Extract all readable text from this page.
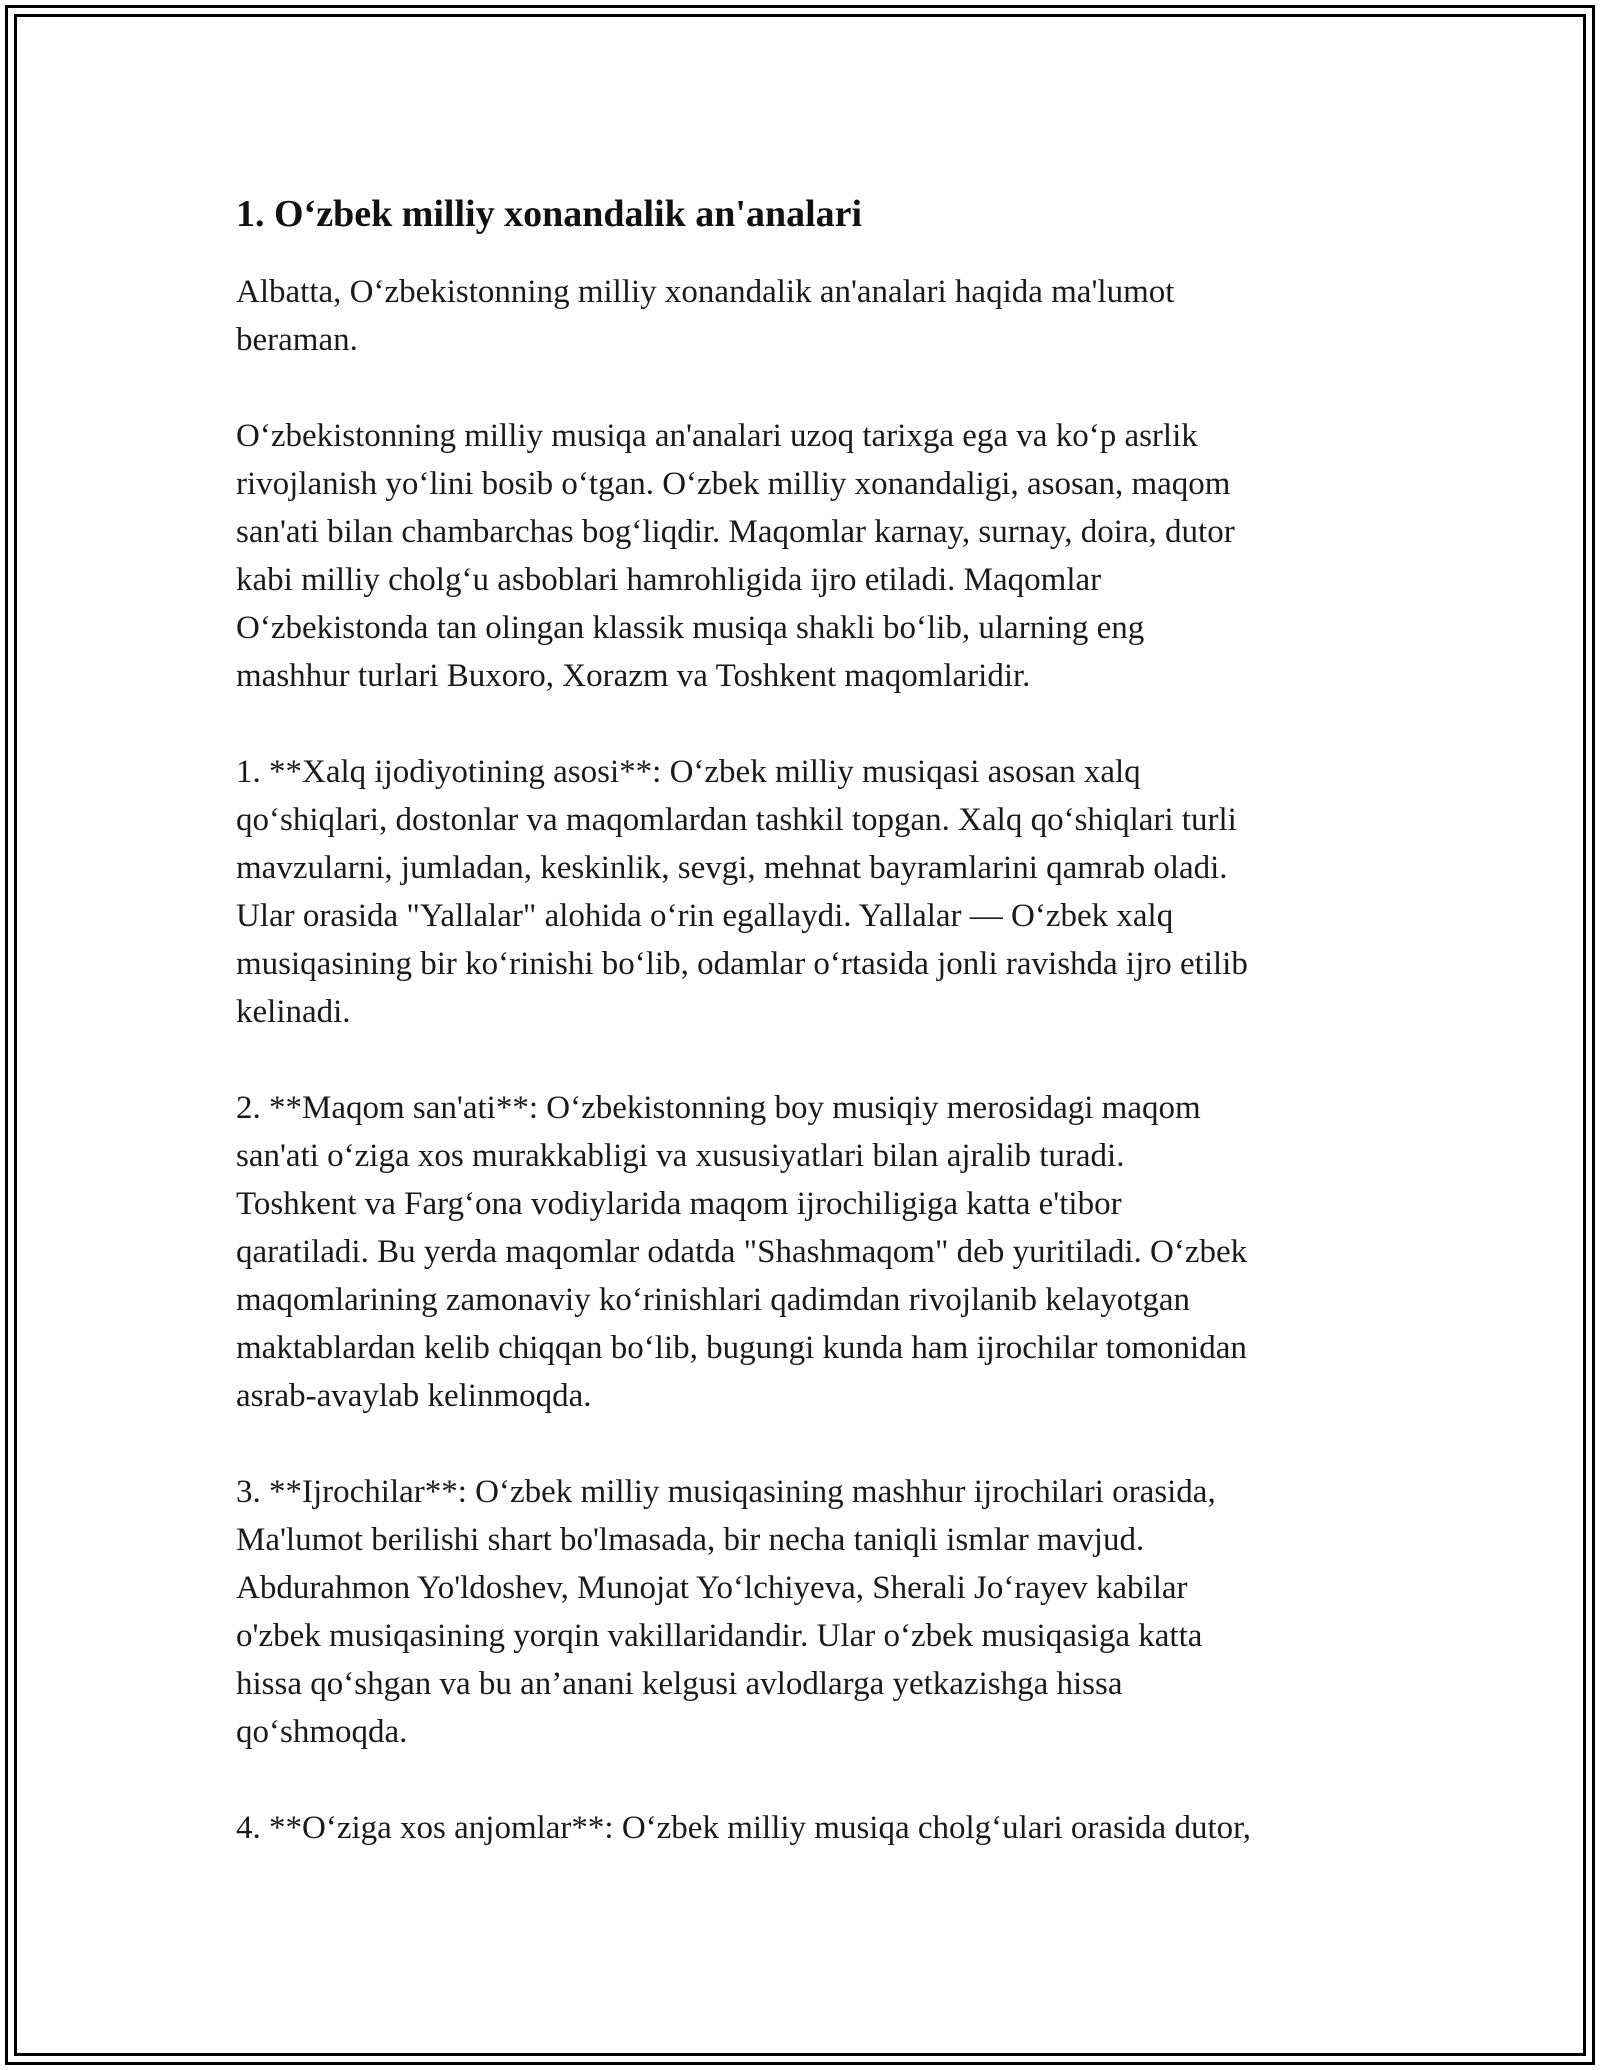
1. O‘zbek milliy xonandalik an'analari

Albatta, O‘zbekistonning milliy xonandalik an'analari haqida ma'lumot
beraman.

O‘zbekistonning milliy musiqa an'analari uzoq tarixga ega va ko‘p asrlik
rivojlanish yo‘lini bosib o‘tgan. O‘zbek milliy xonandaligi, asosan, maqom
san'ati bilan chambarchas bog‘liqdir. Maqomlar karnay, surnay, doira, dutor
kabi milliy cholg‘u asboblari hamrohligida ijro etiladi. Maqomlar
O‘zbekistonda tan olingan klassik musiqa shakli bo‘lib, ularning eng
mashhur turlari Buxoro, Xorazm va Toshkent maqomlaridir.

1. **Xalq ijodiyotining asosi**: O‘zbek milliy musiqasi asosan xalq
qo‘shiqlari, dostonlar va maqomlardan tashkil topgan. Xalq qo‘shiqlari turli
mavzularni, jumladan, keskinlik, sevgi, mehnat bayramlarini qamrab oladi.
Ular orasida "Yallalar" alohida o‘rin egallaydi. Yallalar — O‘zbek xalq
musiqasining bir ko‘rinishi bo‘lib, odamlar o‘rtasida jonli ravishda ijro etilib
kelinadi.

2. **Maqom san'ati**: O‘zbekistonning boy musiqiy merosidagi maqom
san'ati o‘ziga xos murakkabligi va xususiyatlari bilan ajralib turadi.
Toshkent va Farg‘ona vodiylarida maqom ijrochiligiga katta e'tibor
qaratiladi. Bu yerda maqomlar odatda "Shashmaqom" deb yuritiladi. O‘zbek
maqomlarining zamonaviy ko‘rinishlari qadimdan rivojlanib kelayotgan
maktablardan kelib chiqqan bo‘lib, bugungi kunda ham ijrochilar tomonidan
asrab-avaylab kelinmoqda.

3. **Ijrochilar**: O‘zbek milliy musiqasining mashhur ijrochilari orasida,
Ma'lumot berilishi shart bo'lmasada, bir necha taniqli ismlar mavjud.
Abdurahmon Yo'ldoshev, Munojat Yo‘lchiyeva, Sherali Jo‘rayev kabilar
o'zbek musiqasining yorqin vakillaridandir. Ular o‘zbek musiqasiga katta
hissa qo‘shgan va bu an’anani kelgusi avlodlarga yetkazishga hissa
qo‘shmoqda.

4. **O‘ziga xos anjomlar**: O‘zbek milliy musiqa cholg‘ulari orasida dutor,
